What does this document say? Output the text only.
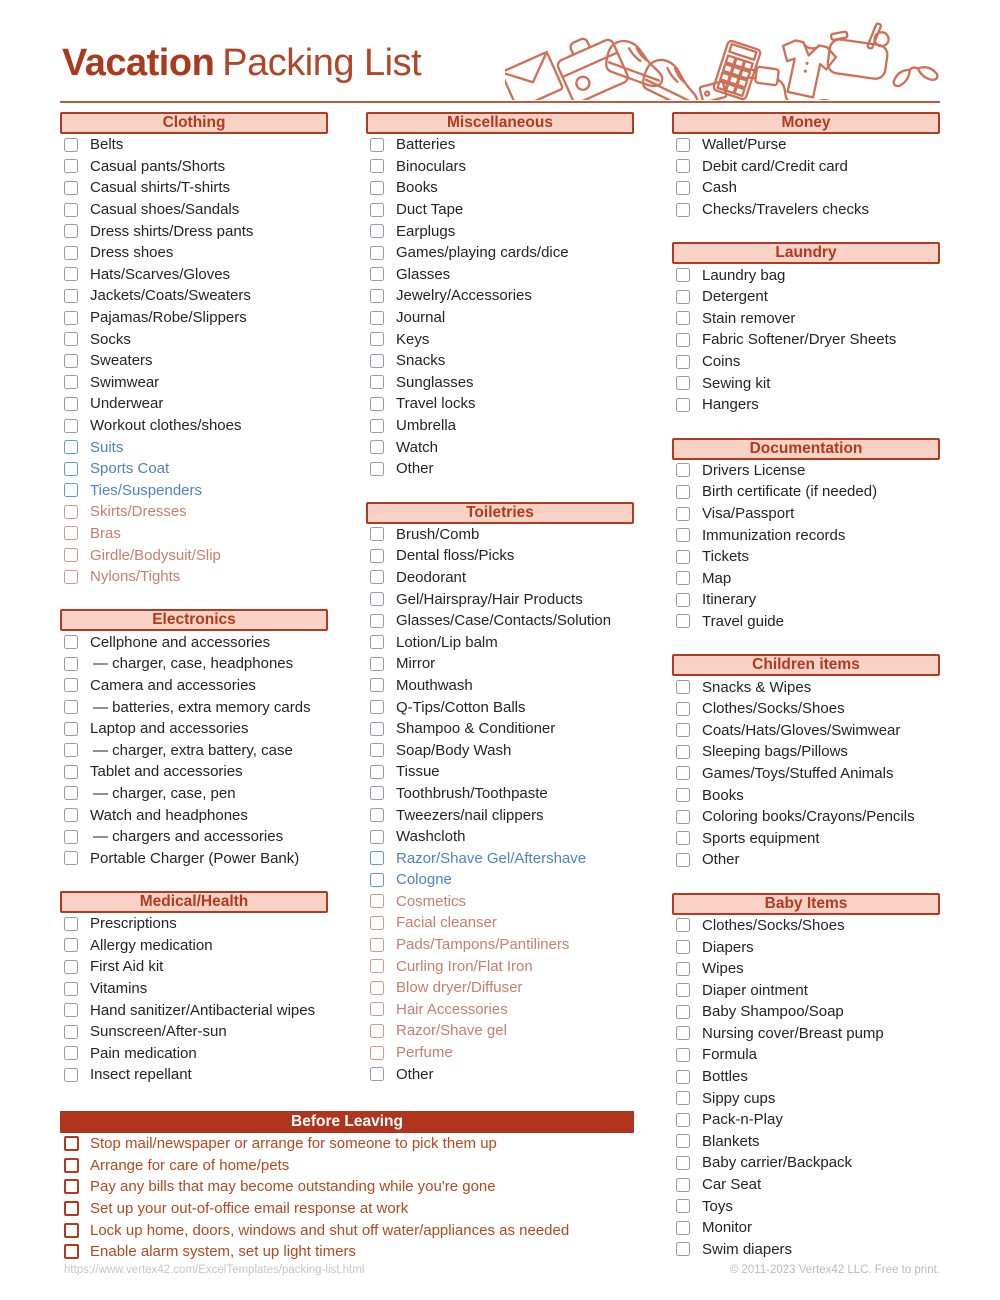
Vacation Packing List
Clothing
Belts
Casual pants/Shorts
Casual shirts/T-shirts
Casual shoes/Sandals
Dress shirts/Dress pants
Dress shoes
Hats/Scarves/Gloves
Jackets/Coats/Sweaters
Pajamas/Robe/Slippers
Socks
Sweaters
Swimwear
Underwear
Workout clothes/shoes
Suits
Sports Coat
Ties/Suspenders
Skirts/Dresses
Bras
Girdle/Bodysuit/Slip
Nylons/Tights
Electronics
Cellphone and accessories
— charger, case, headphones
Camera and accessories
— batteries, extra memory cards
Laptop and accessories
— charger, extra battery, case
Tablet and accessories
— charger, case, pen
Watch and headphones
— chargers and accessories
Portable Charger (Power Bank)
Medical/Health
Prescriptions
Allergy medication
First Aid kit
Vitamins
Hand sanitizer/Antibacterial wipes
Sunscreen/After-sun
Pain medication
Insect repellant
Miscellaneous
Batteries
Binoculars
Books
Duct Tape
Earplugs
Games/playing cards/dice
Glasses
Jewelry/Accessories
Journal
Keys
Snacks
Sunglasses
Travel locks
Umbrella
Watch
Other
Toiletries
Brush/Comb
Dental floss/Picks
Deodorant
Gel/Hairspray/Hair Products
Glasses/Case/Contacts/Solution
Lotion/Lip balm
Mirror
Mouthwash
Q-Tips/Cotton Balls
Shampoo & Conditioner
Soap/Body Wash
Tissue
Toothbrush/Toothpaste
Tweezers/nail clippers
Washcloth
Razor/Shave Gel/Aftershave
Cologne
Cosmetics
Facial cleanser
Pads/Tampons/Pantiliners
Curling Iron/Flat Iron
Blow dryer/Diffuser
Hair Accessories
Razor/Shave gel
Perfume
Other
Money
Wallet/Purse
Debit card/Credit card
Cash
Checks/Travelers checks
Laundry
Laundry bag
Detergent
Stain remover
Fabric Softener/Dryer Sheets
Coins
Sewing kit
Hangers
Documentation
Drivers License
Birth certificate (if needed)
Visa/Passport
Immunization records
Tickets
Map
Itinerary
Travel guide
Children items
Snacks & Wipes
Clothes/Socks/Shoes
Coats/Hats/Gloves/Swimwear
Sleeping bags/Pillows
Games/Toys/Stuffed Animals
Books
Coloring books/Crayons/Pencils
Sports equipment
Other
Baby Items
Clothes/Socks/Shoes
Diapers
Wipes
Diaper ointment
Baby Shampoo/Soap
Nursing cover/Breast pump
Formula
Bottles
Sippy cups
Pack-n-Play
Blankets
Baby carrier/Backpack
Car Seat
Toys
Monitor
Swim diapers
Before Leaving
Stop mail/newspaper or arrange for someone to pick them up
Arrange for care of home/pets
Pay any bills that may become outstanding while you're gone
Set up your out-of-office email response at work
Lock up home, doors, windows and shut off water/appliances as needed
Enable alarm system, set up light timers
https://www.vertex42.com/ExcelTemplates/packing-list.html	© 2011-2023 Vertex42 LLC. Free to print.
